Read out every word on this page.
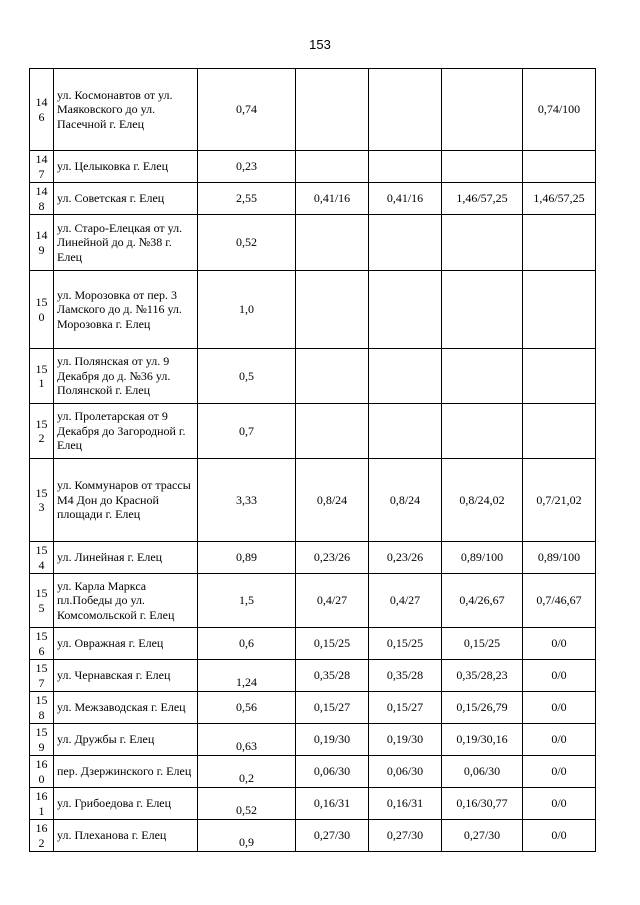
153
14
6	ул. Космонавтов от ул. Маяковского до ул. Пасечной г. Елец	0,74				0,74/100
14
7	ул. Целыковка г. Елец	0,23				
14
8	ул. Советская г. Елец	2,55	0,41/16	0,41/16	1,46/57,25	1,46/57,25
14
9	ул. Старо-Елецкая от ул. Линейной до д. №38 г. Елец	0,52				
15
0	ул. Морозовка от пер. 3 Ламского до д. №116 ул. Морозовка г. Елец	1,0				
15
1	ул. Полянская от ул. 9 Декабря до д. №36 ул. Полянской г. Елец	0,5				
15
2	ул. Пролетарская от 9 Декабря до Загородной г. Елец	0,7				
15
3	ул. Коммунаров от трассы М4 Дон до Красной площади г. Елец	3,33	0,8/24	0,8/24	0,8/24,02	0,7/21,02
15
4	ул. Линейная г. Елец	0,89	0,23/26	0,23/26	0,89/100	0,89/100
15
5	ул. Карла Маркса пл.Победы до ул. Комсомольской г. Елец	1,5	0,4/27	0,4/27	0,4/26,67	0,7/46,67
15
6	ул. Овражная г. Елец	0,6	0,15/25	0,15/25	0,15/25	0/0
15
7	ул. Чернавская г. Елец	1,24	0,35/28	0,35/28	0,35/28,23	0/0
15
8	ул. Межзаводская г. Елец	0,56	0,15/27	0,15/27	0,15/26,79	0/0
15
9	ул. Дружбы г. Елец	0,63	0,19/30	0,19/30	0,19/30,16	0/0
16
0	пер. Дзержинского г. Елец	0,2	0,06/30	0,06/30	0,06/30	0/0
16
1	ул. Грибоедова г. Елец	0,52	0,16/31	0,16/31	0,16/30,77	0/0
16
2	ул. Плеханова г. Елец	0,9	0,27/30	0,27/30	0,27/30	0/0
